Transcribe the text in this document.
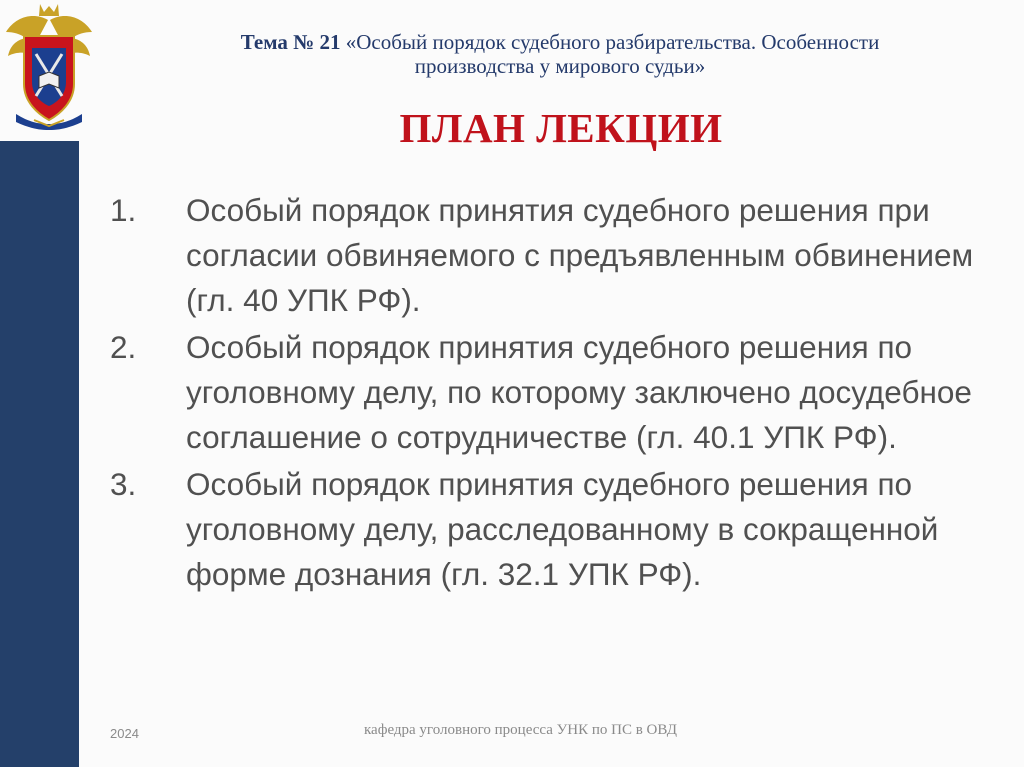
Тема № 21 «Особый порядок судебного разбирательства. Особенности
производства у мирового судьи»
ПЛАН ЛЕКЦИИ
1.	Особый порядок принятия судебного решения при согласии обвиняемого с предъявленным обвинением (гл. 40 УПК РФ).
2.	Особый порядок принятия судебного решения по уголовному делу, по которому заключено досудебное соглашение о сотрудничестве (гл. 40.1 УПК РФ).
3.	Особый порядок принятия судебного решения по уголовному делу, расследованному в сокращенной форме дознания (гл. 32.1 УПК РФ).
2024	кафедра уголовного процесса УНК по ПС в ОВД
